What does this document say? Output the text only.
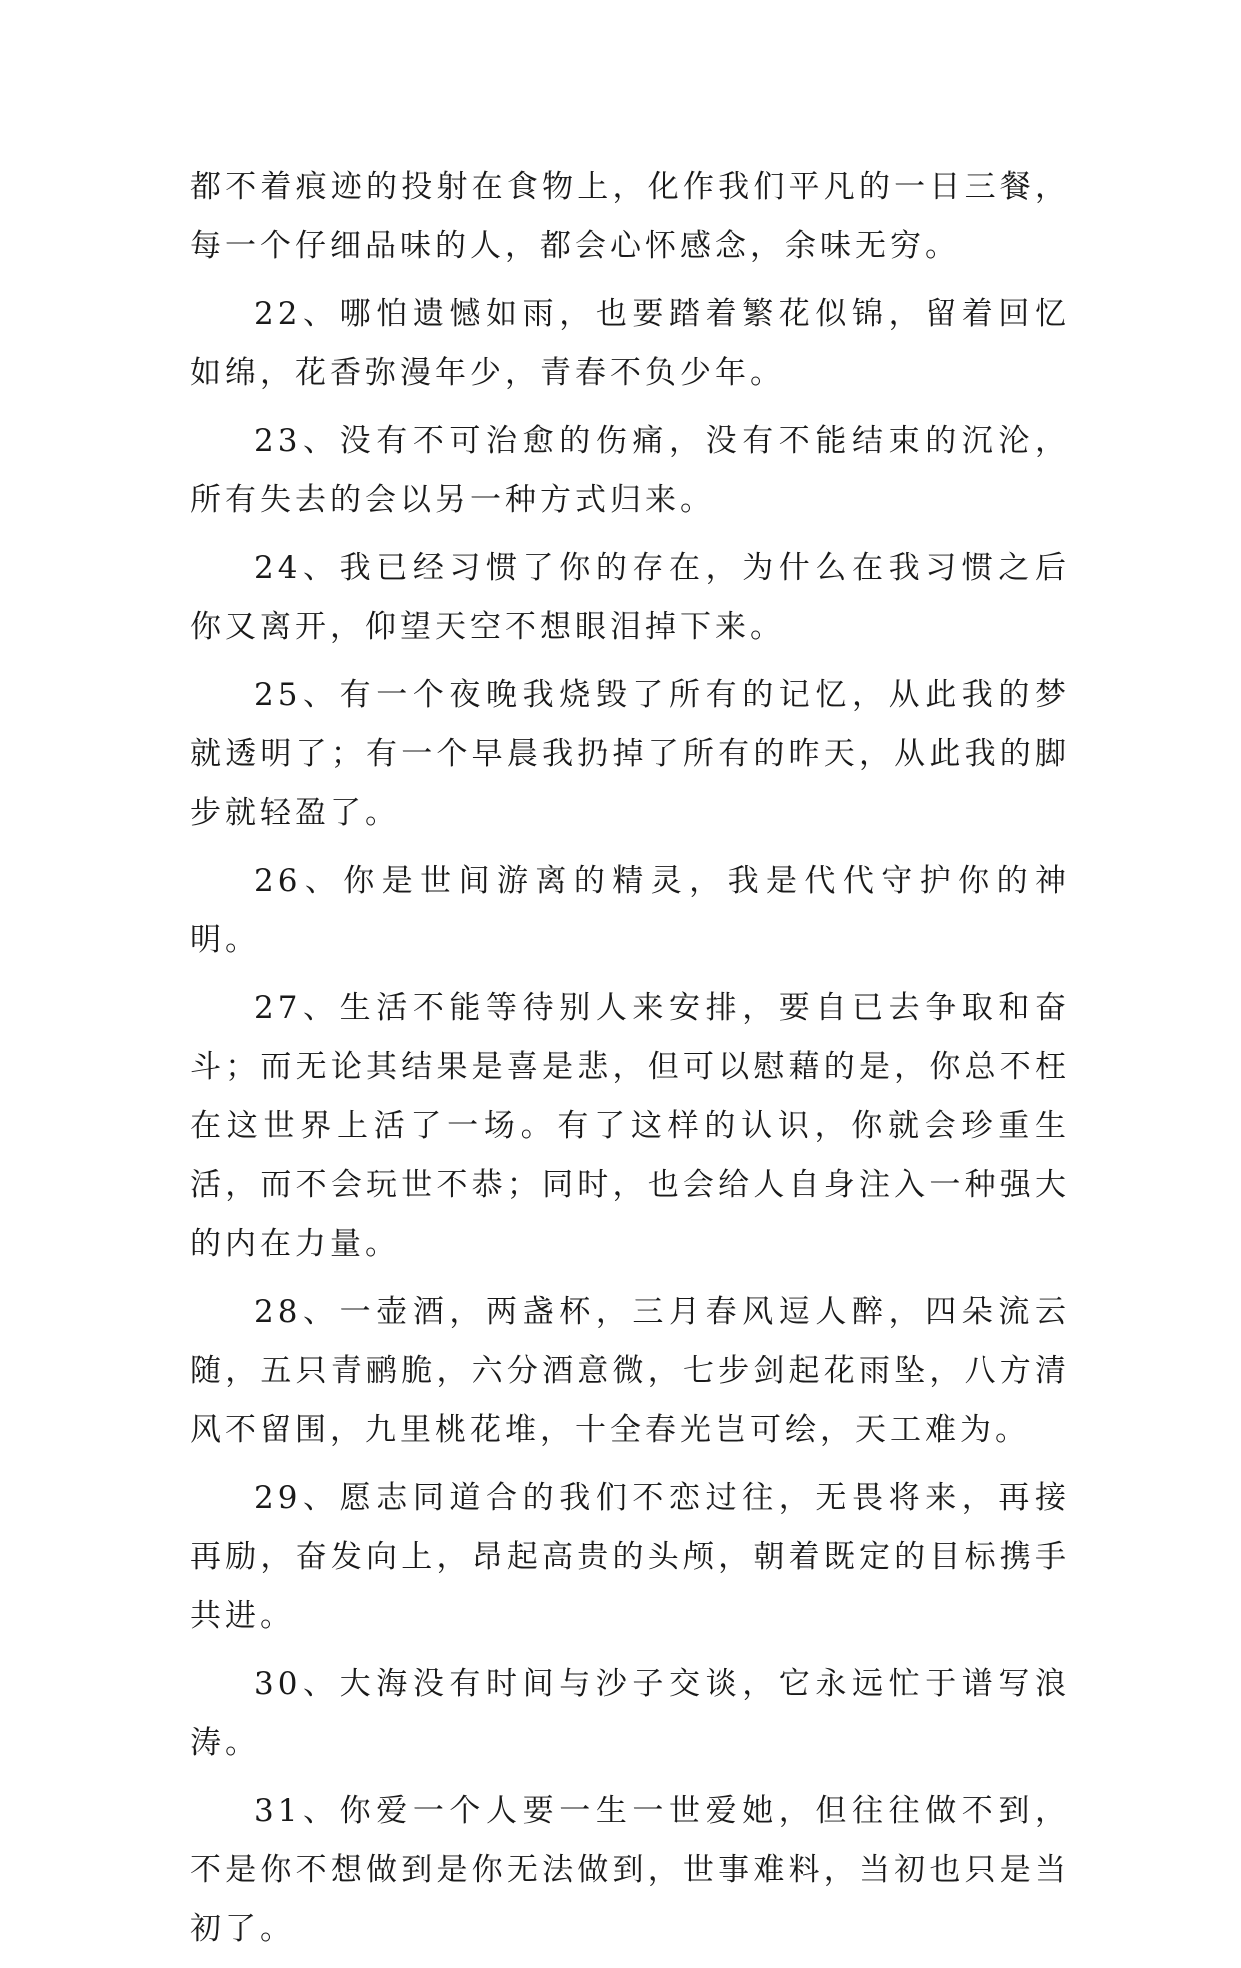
都不着痕迹的投射在食物上，化作我们平凡的一日三餐，每一个仔细品味的人，都会心怀感念，余味无穷。

22、哪怕遗憾如雨，也要踏着繁花似锦，留着回忆如绵，花香弥漫年少，青春不负少年。

23、没有不可治愈的伤痛，没有不能结束的沉沦，所有失去的会以另一种方式归来。

24、我已经习惯了你的存在，为什么在我习惯之后你又离开，仰望天空不想眼泪掉下来。

25、有一个夜晚我烧毁了所有的记忆，从此我的梦就透明了；有一个早晨我扔掉了所有的昨天，从此我的脚步就轻盈了。

26、你是世间游离的精灵，我是代代守护你的神明。

27、生活不能等待别人来安排，要自已去争取和奋斗；而无论其结果是喜是悲，但可以慰藉的是，你总不枉在这世界上活了一场。有了这样的认识，你就会珍重生活，而不会玩世不恭；同时，也会给人自身注入一种强大的内在力量。

28、一壶酒，两盏杯，三月春风逗人醉，四朵流云随，五只青鹂脆，六分酒意微，七步剑起花雨坠，八方清风不留围，九里桃花堆，十全春光岂可绘，天工难为。

29、愿志同道合的我们不恋过往，无畏将来，再接再励，奋发向上，昂起高贵的头颅，朝着既定的目标携手共进。

30、大海没有时间与沙子交谈，它永远忙于谱写浪涛。

31、你爱一个人要一生一世爱她，但往往做不到，不是你不想做到是你无法做到，世事难料，当初也只是当初了。
